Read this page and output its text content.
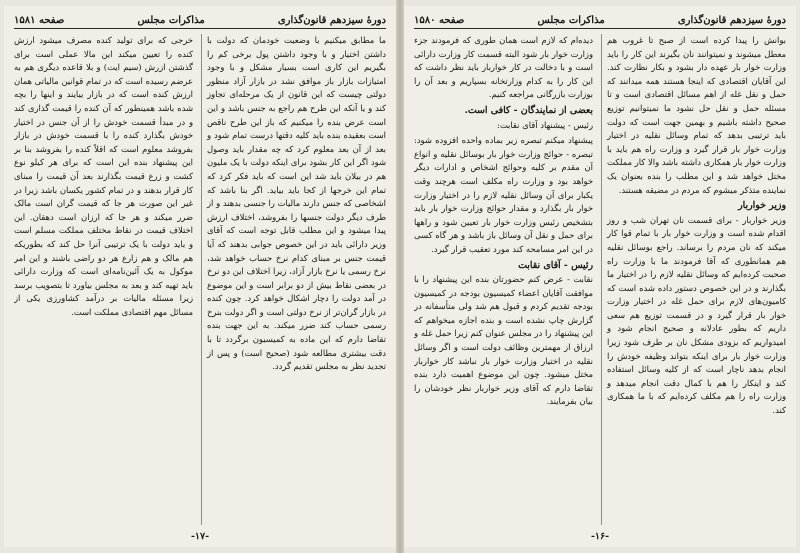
دورهٔ سیزدهم قانون‌گذاری
مذاکرات مجلس
صفحه ۱۵۸۱

ما مطابق میکنیم با وضعیت خودمان که دولت با داشتن اختیار و با وجود داشتن پول برخی کم را بگیریم این کاری است بسیار مشکل و با وجود امتیازات بازار باز موافق نشد در بازار آزاد منظور دولتی چیست که این قانون از یک مرحله‌ای تجاوز کند و یا آنکه این طرح هم راجع به جنس باشد و این است عرض بنده را میکنیم که باز این طرح ناقص است بعقیده بنده باید کلیه دقتها درست تمام شود و بعد از آن بعد معلوم کرد که چه مقدار باید وصول شود اگر این کار بشود برای اینکه دولت با یک ملیون هم در بیلان باید شد این است که باید فکر کرد که تمام این خرجها از کجا باید بیاید. اگر بنا باشد که اشخاصی که جنس دارند مالیات را جنسی بدهند و از طرف دیگر دولت جنسها را بفروشد، اختلاف ارزش پیدا میشود و این مطلب قابل توجه است که آقای وزیر دارائی باید در این خصوص جوابی بدهند که آیا قیمت جنس بر مبنای کدام نرخ حساب خواهد شد، نرخ رسمی یا نرخ بازار آزاد، زیرا اختلاف این دو نرخ در بعضی نقاط بیش از دو برابر است و این موضوع در آمد دولت را دچار اشکال خواهد کرد. چون کنده در بازار گران‌تر از نرخ دولتی است و اگر دولت بنرخ رسمی حساب کند ضرر میکند. به این جهت بنده تقاضا دارم که این ماده به کمیسیون برگردد تا با دقت بیشتری مطالعه شود (صحیح است) و پس از تجدید نظر به مجلس تقدیم گردد.

خرجی که برای تولید کنده مصرف میشود ارزش کنده را تعیین میکند این مالا عملی است برای گذشتن ازرش (سیم ایت) و بلا قاعده دیگری هم به عرضم رسیده است که در تمام قوانین مالیاتی همان ارزش کنده است که در بازار بیایند و اینها را بچه شده باشد همینطور که آن کنده را قیمت گذاری کند و در مبدأ قسمت خودش را از آن جنس در اختیار خودش بگذارد کنده را با قسمت خودش در بازار بفروشد معلوم است که اقلاً کنده را بفروشد بنا بر این پیشنهاد بنده این است که برای هر کیلو نوع کشت و زرع قیمت بگذارند بعد آن قیمت را مبنای کار قرار بدهند و در تمام کشور یکسان باشد زیرا در غیر این صورت هر جا که قیمت گران است مالک ضرر میکند و هر جا که ارزان است دهقان. این اختلاف قیمت در نقاط مختلف مملکت مسلم است و باید دولت با یک ترتیبی آنرا حل کند که بطوریکه هم مالک و هم زارع هر دو راضی باشند و این امر موکول به یک آئین‌نامه‌ای است که وزارت دارائی باید تهیه کند و بعد به مجلس بیاورد تا بتصویب برسد زیرا مسئله مالیات بر درآمد کشاورزی یکی از مسائل مهم اقتصادی مملکت است.

-۱۷-
دورهٔ سیزدهم قانون‌گذاری
مذاکرات مجلس
صفحه ۱۵۸۰

بوانش را پیدا کرده است از صبح تا غروب هم معطل میشوند و نمیتوانند نان بگیرند این کار را باید وزارت خوار بار عهده دار بشود و بکار نظارت کند. این آقایان اقتصادی که اینجا هستند همه میدانند که حمل و نقل غله از اهم مسائل اقتصادی است و تا مسئله حمل و نقل حل نشود ما نمیتوانیم توزیع صحیح داشته باشیم و بهمین جهت است که دولت باید ترتیبی بدهد که تمام وسائل نقلیه در اختیار وزارت خوار بار قرار گیرد و وزارت راه هم باید با وزارت خوار بار همکاری داشته باشد والا کار مملکت مختل خواهد شد و این مطلب را بنده بعنوان یک نماینده متذکر میشوم که مردم در مضیقه هستند.

وزیر خواربار

وزیر خواربار - برای قسمت نان تهران شب و روز اقدام شده است و وزارت خوار بار با تمام قوا کار میکند که نان مردم را برساند. راجع بوسائل نقلیه هم همانطوری که آقا فرمودند ما با وزارت راه صحبت کرده‌ایم که وسائل نقلیه لازم را در اختیار ما بگذارند و در این خصوص دستور داده شده است که کامیون‌های لازم برای حمل غله در اختیار وزارت خوار بار قرار گیرد و در قسمت توزیع هم سعی داریم که بطور عادلانه و صحیح انجام شود و امیدواریم که بزودی مشکل نان بر طرف شود زیرا وزارت خوار بار برای اینکه بتواند وظیفه خودش را انجام بدهد ناچار است که از کلیه وسائل استفاده کند و اینکار را هم با کمال دقت انجام میدهد و وزارت راه را هم مکلف کرده‌ایم که با ما همکاری کند.

دیده‌ام که لازم است همان طوری که فرمودند جزء وزارت خوار بار شود البته قسمت کار وزارت دارائی است و با دخالت در کار خواربار باید نظر داشت که این کار را به کدام وزارتخانه بسپاریم و بعد آن را بوزارت بازرگانی مراجعه کنیم.

بعضی از نمایندگان - کافی است.

رئیس - پیشنهاد آقای نقابت:

پیشنهاد میکنم تبصره زیر بماده واحده افزوده شود: تبصره - حوائج وزارت خوار بار بوسائل نقلیه و انواع آن مقدم بر کلیه وحوائج اشخاص و ادارات دیگر خواهد بود و وزارت راه مکلف است هرچند وقت یکبار برای آن وسائل نقلیه لازم را در اختیار وزارت خوار بار بگذارد و مقدار حوائج وزارت خوار بار باید بتشخیص رئیس وزارت خوار بار تعیین شود و راهها برای حمل و نقل آن وسائل باز باشد و هر گاه کسی در این امر مسامحه کند مورد تعقیب قرار گیرد.

رئیس - آقای نقابت

نقابت - عرض کنم حضورتان بنده این پیشنهاد را با موافقت آقایان اعضاء کمیسیون بودجه در کمیسیون بودجه تقدیم کردم و قبول هم شد ولی متأسفانه در گزارش چاپ نشده است و بنده اجازه میخواهم که این پیشنهاد را در مجلس عنوان کنم زیرا حمل غله و ارزاق از مهمترین وظائف دولت است و اگر وسائل نقلیه در اختیار وزارت خوار بار نباشد کار خواربار مختل میشود. چون این موضوع اهمیت دارد بنده تقاضا دارم که آقای وزیر خواربار نظر خودشان را بیان بفرمایند.

-۱۶-
